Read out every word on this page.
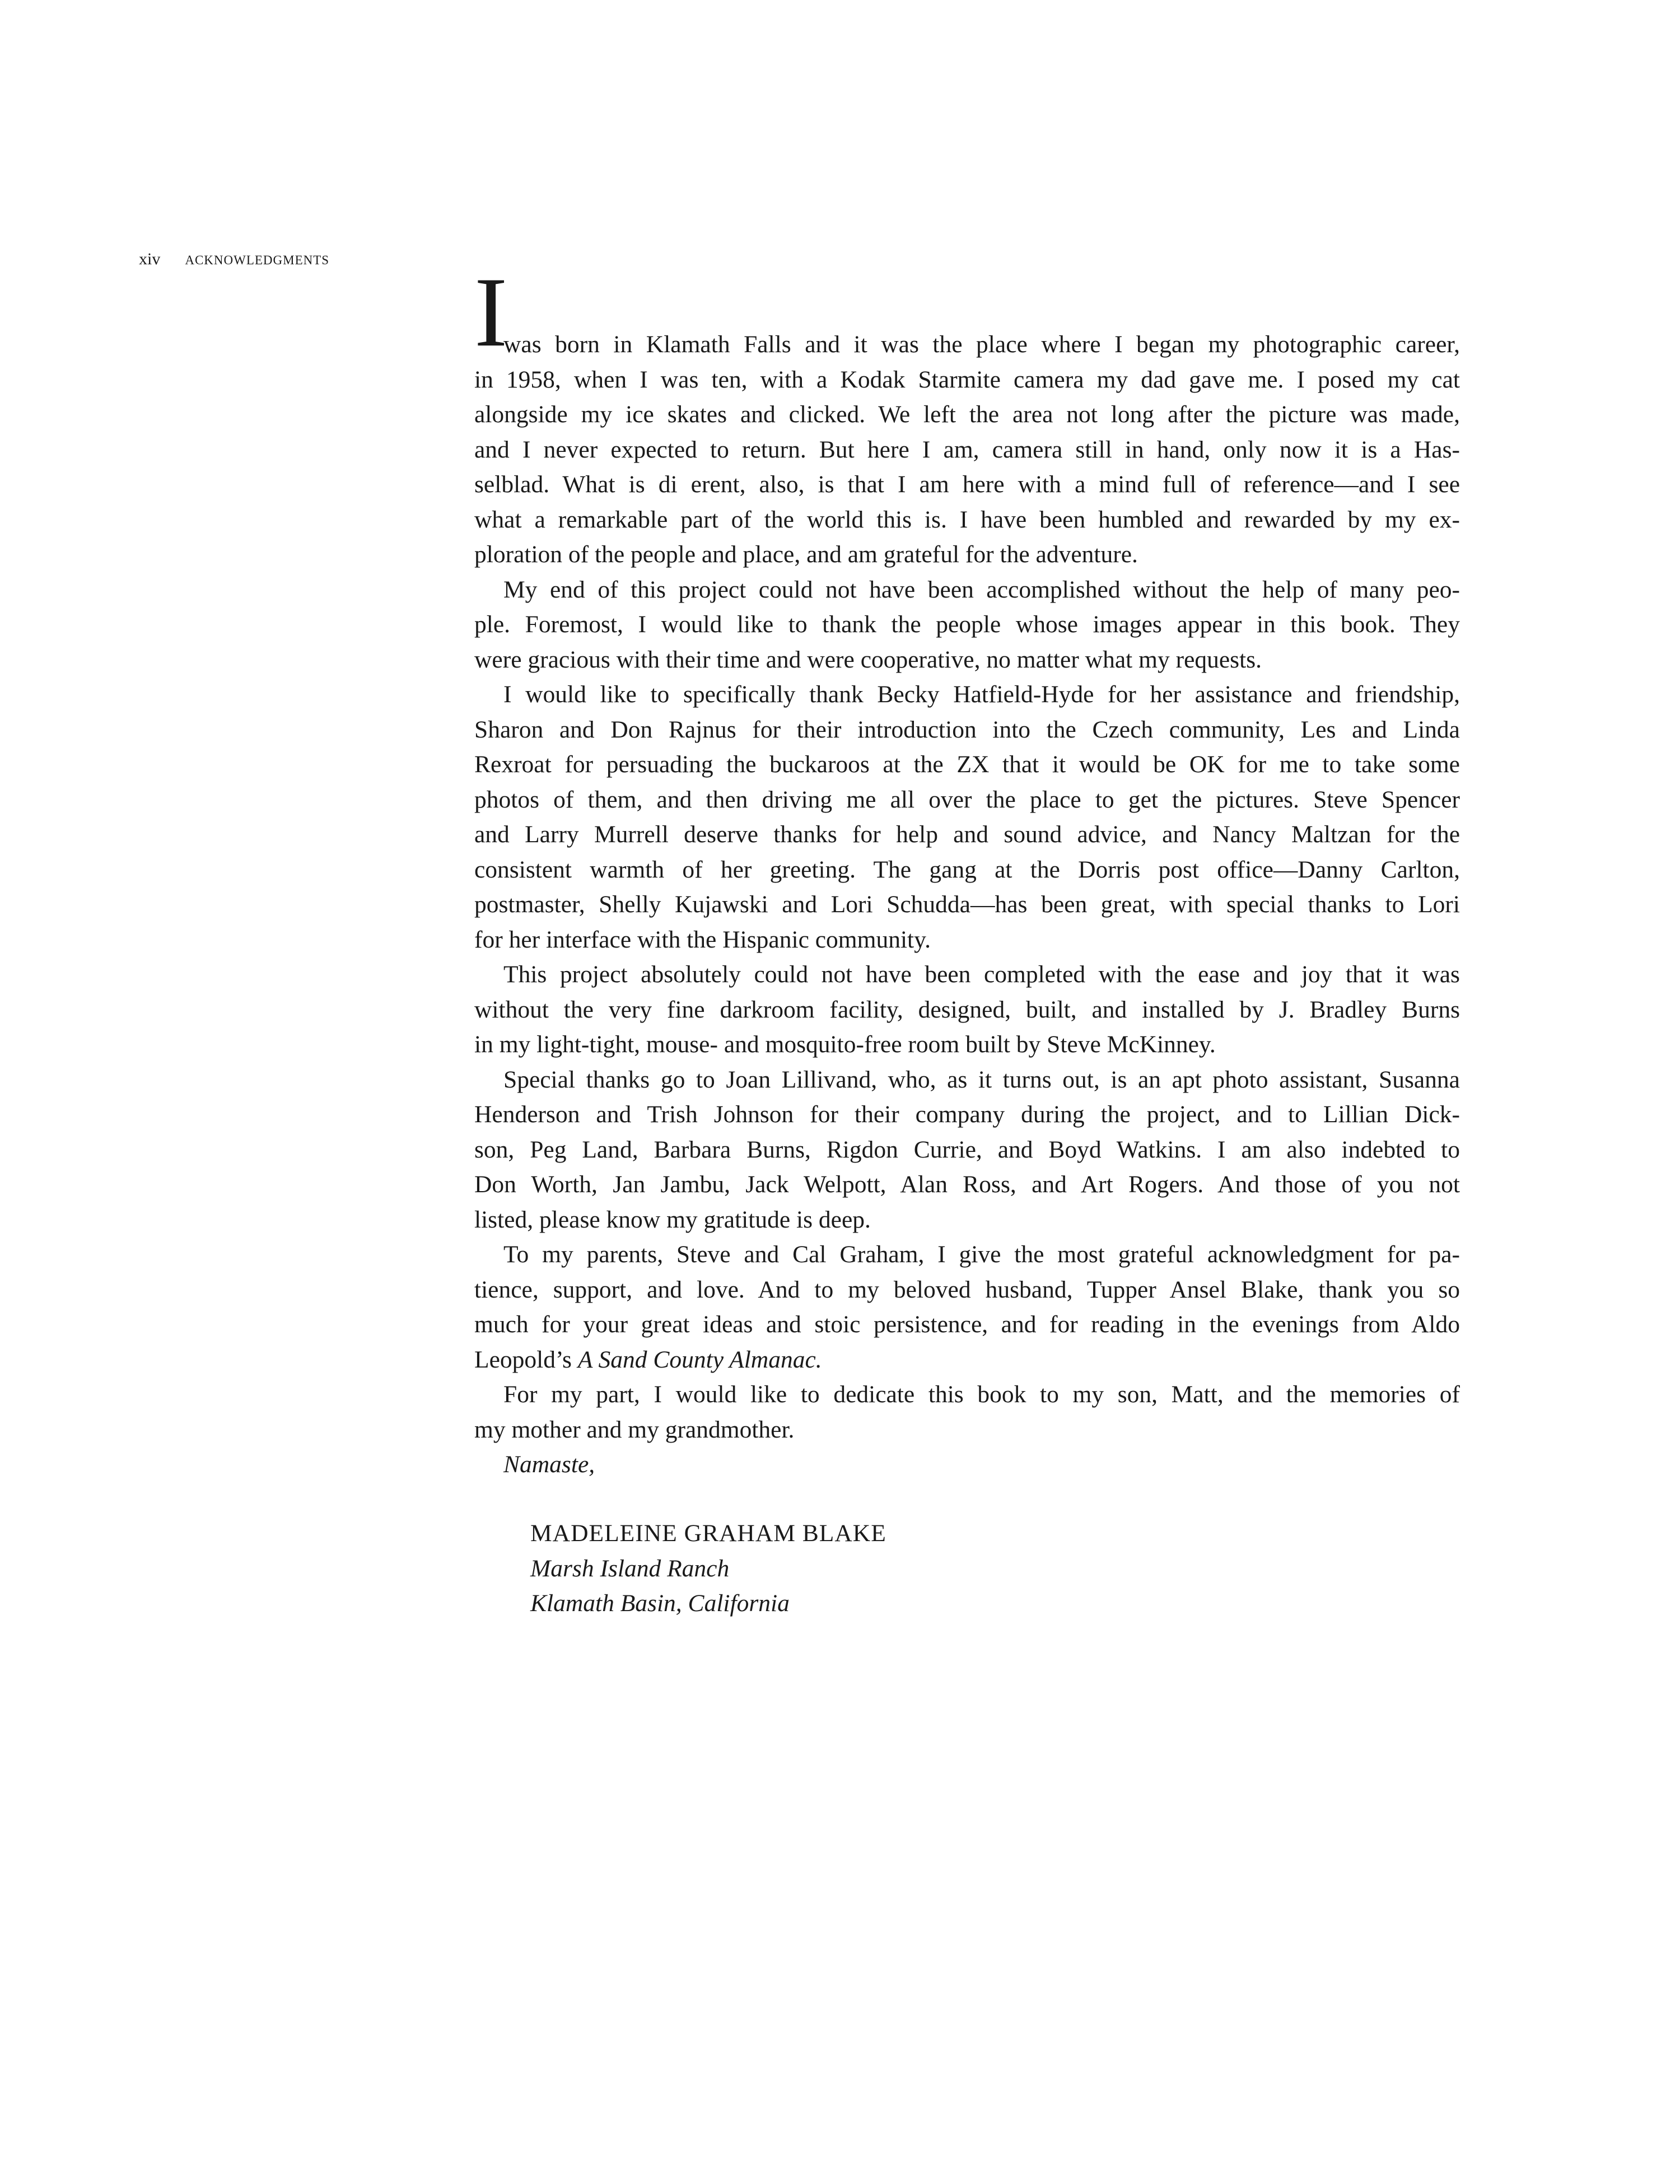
xiv ACKNOWLEDGMENTS I
was born in Klamath Falls and it was the place where I began my photographic career,
in 1958, when I was ten, with a Kodak Starmite camera my dad gave me. I posed my cat
alongside my ice skates and clicked. We left the area not long after the picture was made,
and I never expected to return. But here I am, camera still in hand, only now it is a Has-
selblad. What is di erent, also, is that I am here with a mind full of reference—and I see
what a remarkable part of the world this is. I have been humbled and rewarded by my ex-
ploration of the people and place, and am grateful for the adventure.
My end of this project could not have been accomplished without the help of many peo-
ple. Foremost, I would like to thank the people whose images appear in this book. They
were gracious with their time and were cooperative, no matter what my requests.
I would like to specifically thank Becky Hatfield-Hyde for her assistance and friendship,
Sharon and Don Rajnus for their introduction into the Czech community, Les and Linda
Rexroat for persuading the buckaroos at the ZX that it would be OK for me to take some
photos of them, and then driving me all over the place to get the pictures. Steve Spencer
and Larry Murrell deserve thanks for help and sound advice, and Nancy Maltzan for the
consistent warmth of her greeting. The gang at the Dorris post office—Danny Carlton,
postmaster, Shelly Kujawski and Lori Schudda—has been great, with special thanks to Lori
for her interface with the Hispanic community.
This project absolutely could not have been completed with the ease and joy that it was
without the very fine darkroom facility, designed, built, and installed by J. Bradley Burns
in my light-tight, mouse- and mosquito-free room built by Steve McKinney.
Special thanks go to Joan Lillivand, who, as it turns out, is an apt photo assistant, Susanna
Henderson and Trish Johnson for their company during the project, and to Lillian Dick-
son, Peg Land, Barbara Burns, Rigdon Currie, and Boyd Watkins. I am also indebted to
Don Worth, Jan Jambu, Jack Welpott, Alan Ross, and Art Rogers. And those of you not
listed, please know my gratitude is deep.
To my parents, Steve and Cal Graham, I give the most grateful acknowledgment for pa-
tience, support, and love. And to my beloved husband, Tupper Ansel Blake, thank you so
much for your great ideas and stoic persistence, and for reading in the evenings from Aldo
Leopold’s A Sand County Almanac.
For my part, I would like to dedicate this book to my son, Matt, and the memories of
my mother and my grandmother.
Namaste,
MADELEINE GRAHAM BLAKE
Marsh Island Ranch
Klamath Basin, California
